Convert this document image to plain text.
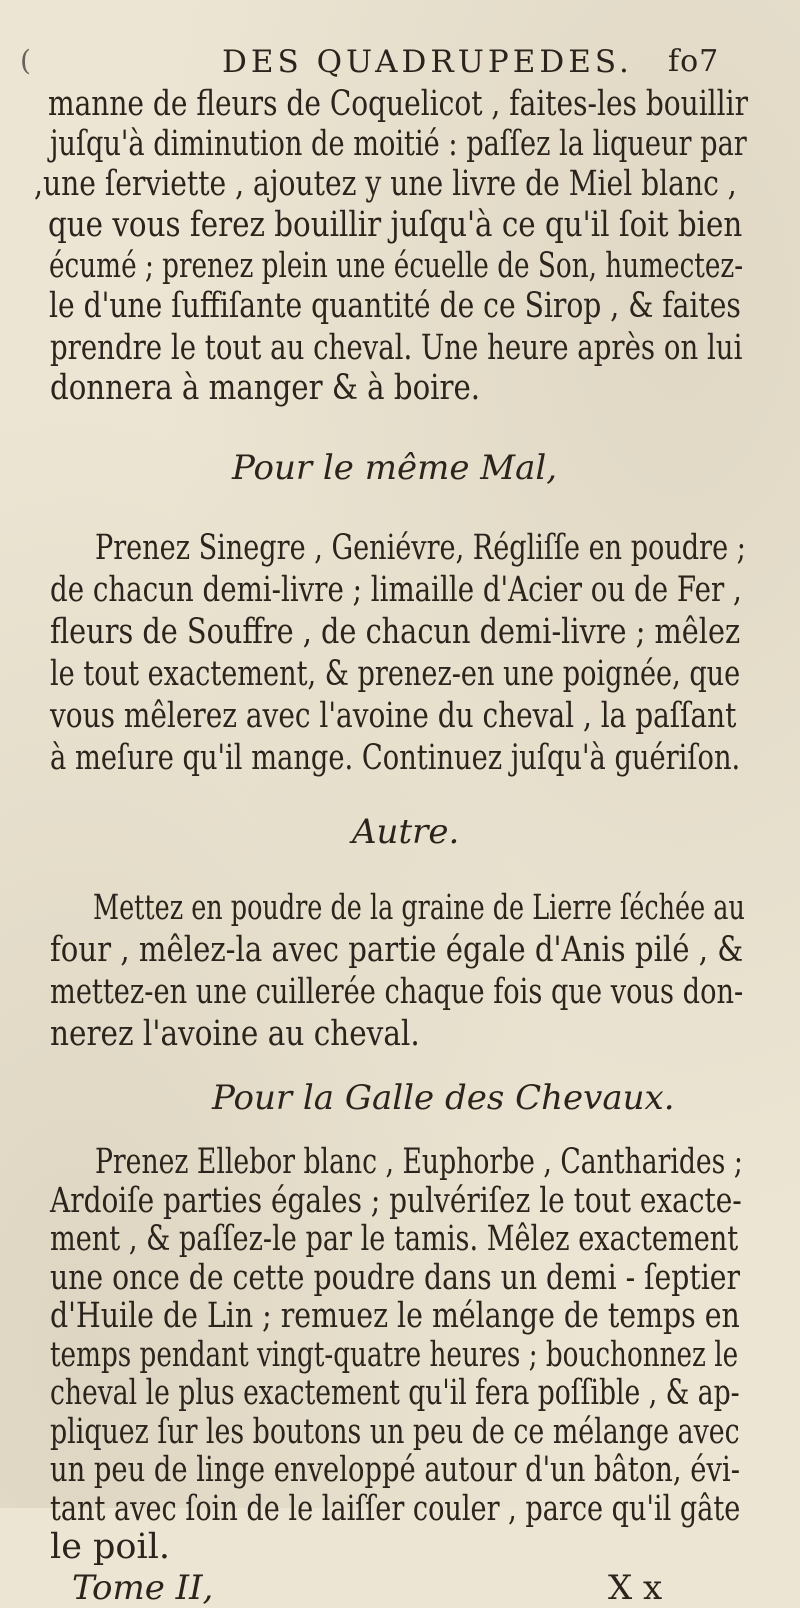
(	DES QUADRUPEDES. fo7
manne de fleurs de Coquelicot , faites-les bouillir
juſqu'à diminution de moitié : paſſez la liqueur par
,une ſerviette , ajoutez y une livre de Miel blanc ,
que vous ferez bouillir juſqu'à ce qu'il ſoit bien
écumé ; prenez plein une écuelle de Son, humectez-
le d'une ſuffiſante quantité de ce Sirop , & faites
prendre le tout au cheval. Une heure après on lui
donnera à manger & à boire.
Pour le même Mal,
Prenez Sinegre , Geniévre, Régliſſe en poudre ;
de chacun demi-livre ; limaille d'Acier ou de Fer ,
fleurs de Souffre , de chacun demi-livre ; mêlez
le tout exactement, & prenez-en une poignée, que
vous mêlerez avec l'avoine du cheval , la paſſant
à meſure qu'il mange. Continuez juſqu'à guériſon.
Autre.
Mettez en poudre de la graine de Lierre ſéchée au
four , mêlez-la avec partie égale d'Anis pilé , &
mettez-en une cuillerée chaque fois que vous don-
nerez l'avoine au cheval.
Pour la Galle des Chevaux.
Prenez Ellebor blanc , Euphorbe , Cantharides ;
Ardoiſe parties égales ; pulvériſez le tout exacte-
ment , & paſſez-le par le tamis. Mêlez exactement
une once de cette poudre dans un demi - ſeptier
d'Huile de Lin ; remuez le mélange de temps en
temps pendant vingt-quatre heures ; bouchonnez le
cheval le plus exactement qu'il fera poſſible , & ap-
pliquez ſur les boutons un peu de ce mélange avec
un peu de linge enveloppé autour d'un bâton, évi-
tant avec ſoin de le laiſſer couler , parce qu'il gâte
le poil.
Tome II,	X x
